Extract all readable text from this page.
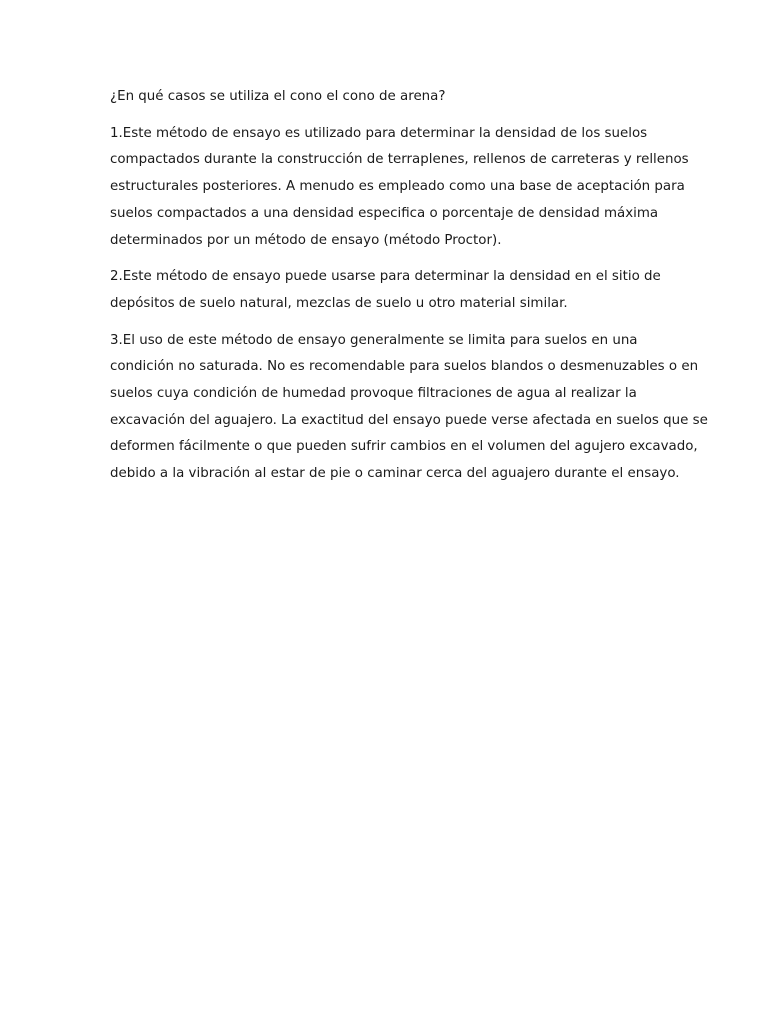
¿En qué casos se utiliza el cono el cono de arena?
1.Este método de ensayo es utilizado para determinar la densidad de los suelos
compactados durante la construcción de terraplenes, rellenos de carreteras y rellenos
estructurales posteriores. A menudo es empleado como una base de aceptación para
suelos compactados a una densidad especifica o porcentaje de densidad máxima
determinados por un método de ensayo (método Proctor).
2.Este método de ensayo puede usarse para determinar la densidad en el sitio de
depósitos de suelo natural, mezclas de suelo u otro material similar.
3.El uso de este método de ensayo generalmente se limita para suelos en una
condición no saturada. No es recomendable para suelos blandos o desmenuzables o en
suelos cuya condición de humedad provoque filtraciones de agua al realizar la
excavación del aguajero. La exactitud del ensayo puede verse afectada en suelos que se
deformen fácilmente o que pueden sufrir cambios en el volumen del agujero excavado,
debido a la vibración al estar de pie o caminar cerca del aguajero durante el ensayo.
